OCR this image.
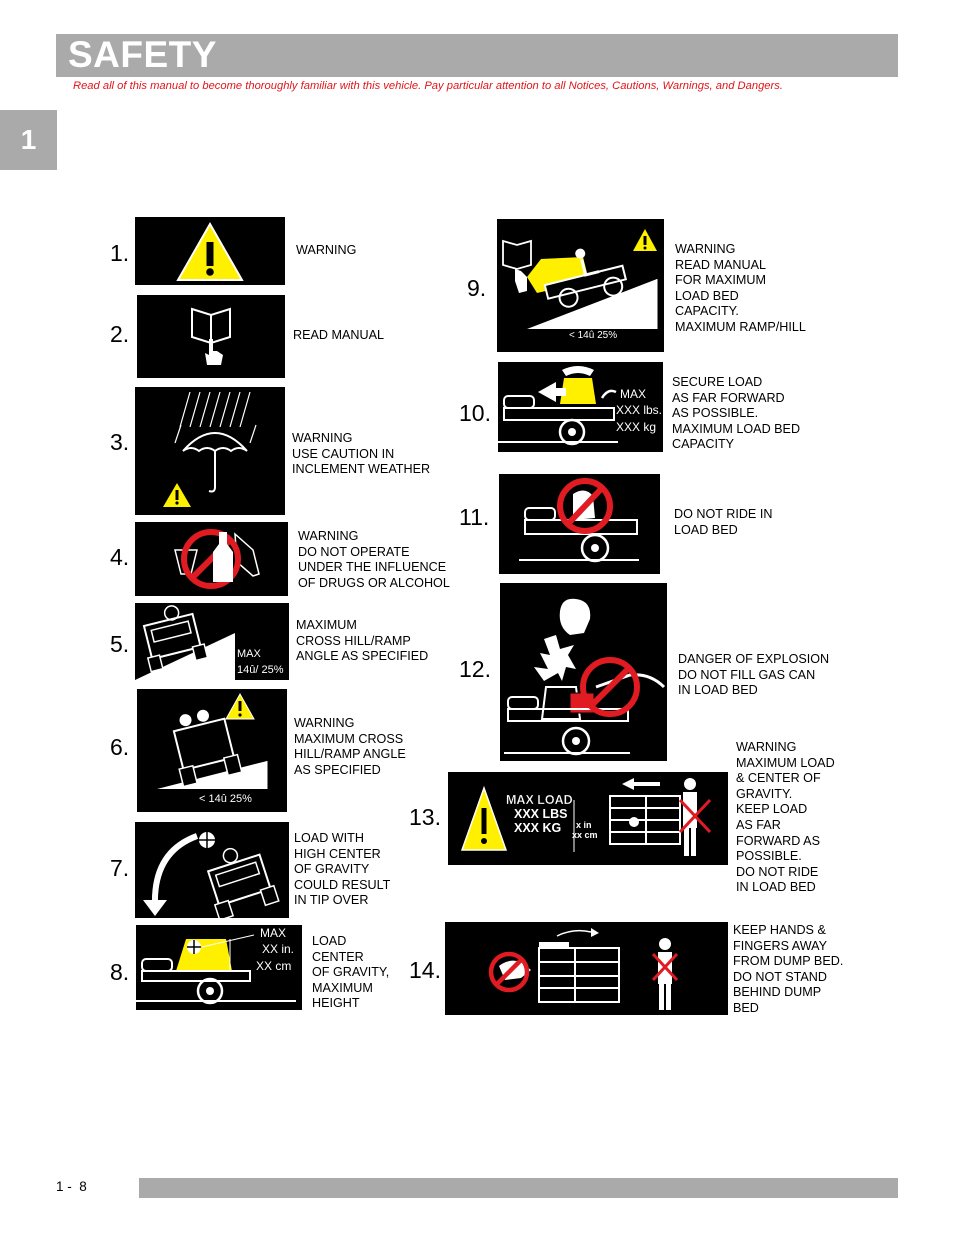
SAFETY
Read all of this manual to become thoroughly familiar with this vehicle. Pay particular attention to all Notices, Cautions, Warnings, and Dangers.
1
1.	WARNING
2.	READ MANUAL
3.	WARNING
USE CAUTION IN
INCLEMENT WEATHER
4.
WARNING
DO NOT OPERATE
UNDER THE INFLUENCE
OF DRUGS OR ALCOHOL
5.	MAX
14û/ 25%
MAXIMUM
CROSS HILL/RAMP
ANGLE AS SPECIFIED
6.
< 14û 25%
WARNING
MAXIMUM CROSS
HILL/RAMP ANGLE
AS SPECIFIED
7.
LOAD WITH
HIGH CENTER
OF GRAVITY
COULD RESULT
IN TIP OVER
8.
MAX
XX in.
XX cm
LOAD
CENTER
OF GRAVITY,
MAXIMUM
HEIGHT
9.
< 14û 25%
WARNING
READ MANUAL
FOR MAXIMUM
LOAD BED
CAPACITY.
MAXIMUM RAMP/HILL
10.
MAX
XXX lbs.
XXX kg
SECURE LOAD
AS FAR FORWARD
AS POSSIBLE.
MAXIMUM LOAD BED
CAPACITY
11.	DO NOT RIDE IN
LOAD BED
12.	DANGER OF EXPLOSION
DO NOT FILL GAS CAN
IN LOAD BED
13.
MAX LOAD
XXX LBS
XXX KG x in
xx cm
WARNING
MAXIMUM LOAD
& CENTER OF
GRAVITY.
KEEP LOAD
AS FAR
FORWARD AS
POSSIBLE.
DO NOT RIDE
IN LOAD BED
14.
KEEP HANDS &
FINGERS AWAY
FROM DUMP BED.
DO NOT STAND
BEHIND DUMP
BED
1 -  8
